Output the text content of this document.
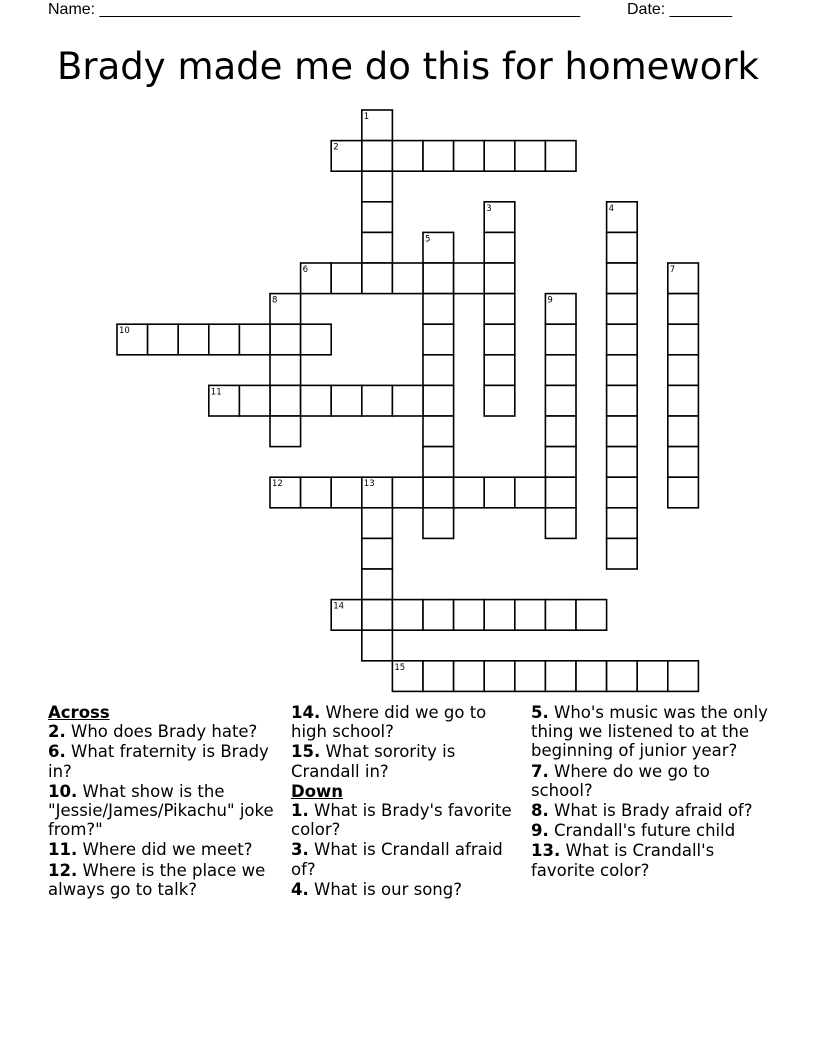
Name: ______________________________________________________	Date: _______
Brady made me do this for homework
1
2
3	4
5
6	7
8	9
10
11
12	13
14
15
Across
2. Who does Brady hate?
6. What fraternity is Brady in?
10. What show is the "Jessie/James/Pikachu" joke from?"
11. Where did we meet?
12. Where is the place we always go to talk?
14. Where did we go to high school?
15. What sorority is Crandall in?
Down
1. What is Brady's favorite color?
3. What is Crandall afraid of?
4. What is our song?
5. Who's music was the only thing we listened to at the beginning of junior year?
7. Where do we go to school?
8. What is Brady afraid of?
9. Crandall's future child
13. What is Crandall's favorite color?
